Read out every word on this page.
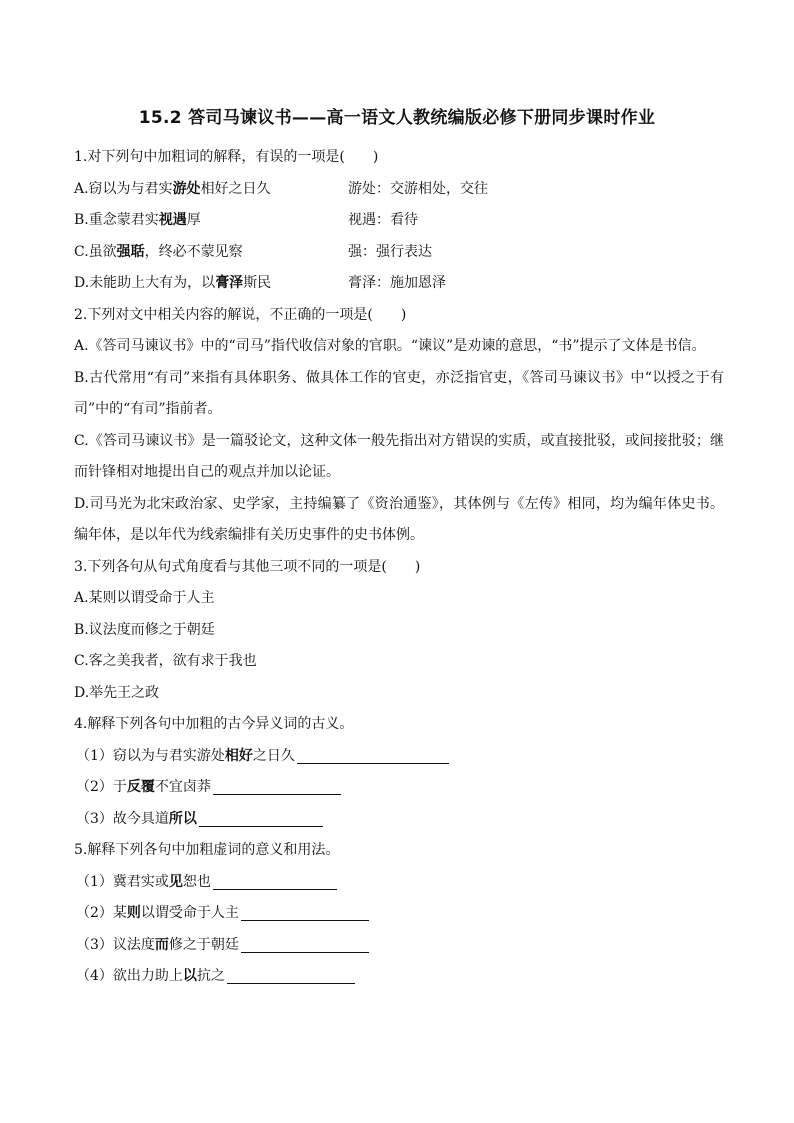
15.2 答司马谏议书——高一语文人教统编版必修下册同步课时作业
1.对下列句中加粗词的解释，有误的一项是(　　)
A.窃以为与君实游处相好之日久	游处：交游相处，交往
B.重念蒙君实视遇厚	视遇：看待
C.虽欲强聒，终必不蒙见察	强：强行表达
D.未能助上大有为，以膏泽斯民	膏泽：施加恩泽
2.下列对文中相关内容的解说，不正确的一项是(　　)
A.《答司马谏议书》中的“司马”指代收信对象的官职。“谏议”是劝谏的意思，“书”提示了文体是书信。
B.古代常用“有司”来指有具体职务、做具体工作的官吏，亦泛指官吏，《答司马谏议书》中“以授之于有司”中的“有司”指前者。
C.《答司马谏议书》是一篇驳论文，这种文体一般先指出对方错误的实质，或直接批驳，或间接批驳；继而针锋相对地提出自己的观点并加以论证。
D.司马光为北宋政治家、史学家，主持编纂了《资治通鉴》，其体例与《左传》相同，均为编年体史书。编年体，是以年代为线索编排有关历史事件的史书体例。
3.下列各句从句式角度看与其他三项不同的一项是(　　)
A.某则以谓受命于人主
B.议法度而修之于朝廷
C.客之美我者，欲有求于我也
D.举先王之政
4.解释下列各句中加粗的古今异义词的古义。
（1）窃以为与君实游处相好之日久
（2）于反覆不宜卤莽
（3）故今具道所以
5.解释下列各句中加粗虚词的意义和用法。
（1）冀君实或见恕也
（2）某则以谓受命于人主
（3）议法度而修之于朝廷
（4）欲出力助上以抗之
